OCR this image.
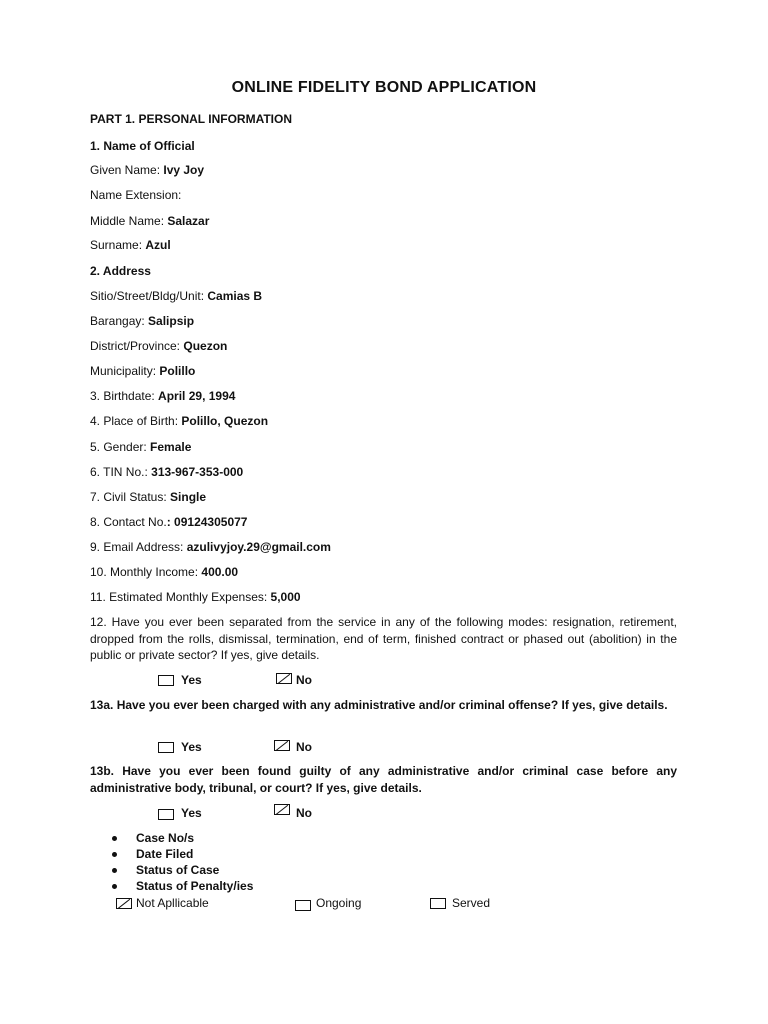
ONLINE FIDELITY BOND APPLICATION
PART 1. PERSONAL INFORMATION
1. Name of Official
Given Name: Ivy Joy
Name Extension:
Middle Name: Salazar
Surname: Azul
2. Address
Sitio/Street/Bldg/Unit: Camias B
Barangay: Salipsip
District/Province: Quezon
Municipality: Polillo
3. Birthdate: April 29, 1994
4. Place of Birth: Polillo, Quezon
5. Gender: Female
6. TIN No.: 313-967-353-000
7. Civil Status: Single
8. Contact No.: 09124305077
9. Email Address: azulivyjoy.29@gmail.com
10. Monthly Income: 400.00
11. Estimated Monthly Expenses: 5,000
12. Have you ever been separated from the service in any of the following modes: resignation, retirement, dropped from the rolls, dismissal, termination, end of term, finished contract or phased out (abolition) in the public or private sector? If yes, give details.
Yes	No
13a. Have you ever been charged with any administrative and/or criminal offense? If yes, give details.
Yes	No
13b. Have you ever been found guilty of any administrative and/or criminal case before any administrative body, tribunal, or court? If yes, give details.
Yes	No
Case No/s
Date Filed
Status of Case
Status of Penalty/ies
Not Apllicable	Ongoing	Served
